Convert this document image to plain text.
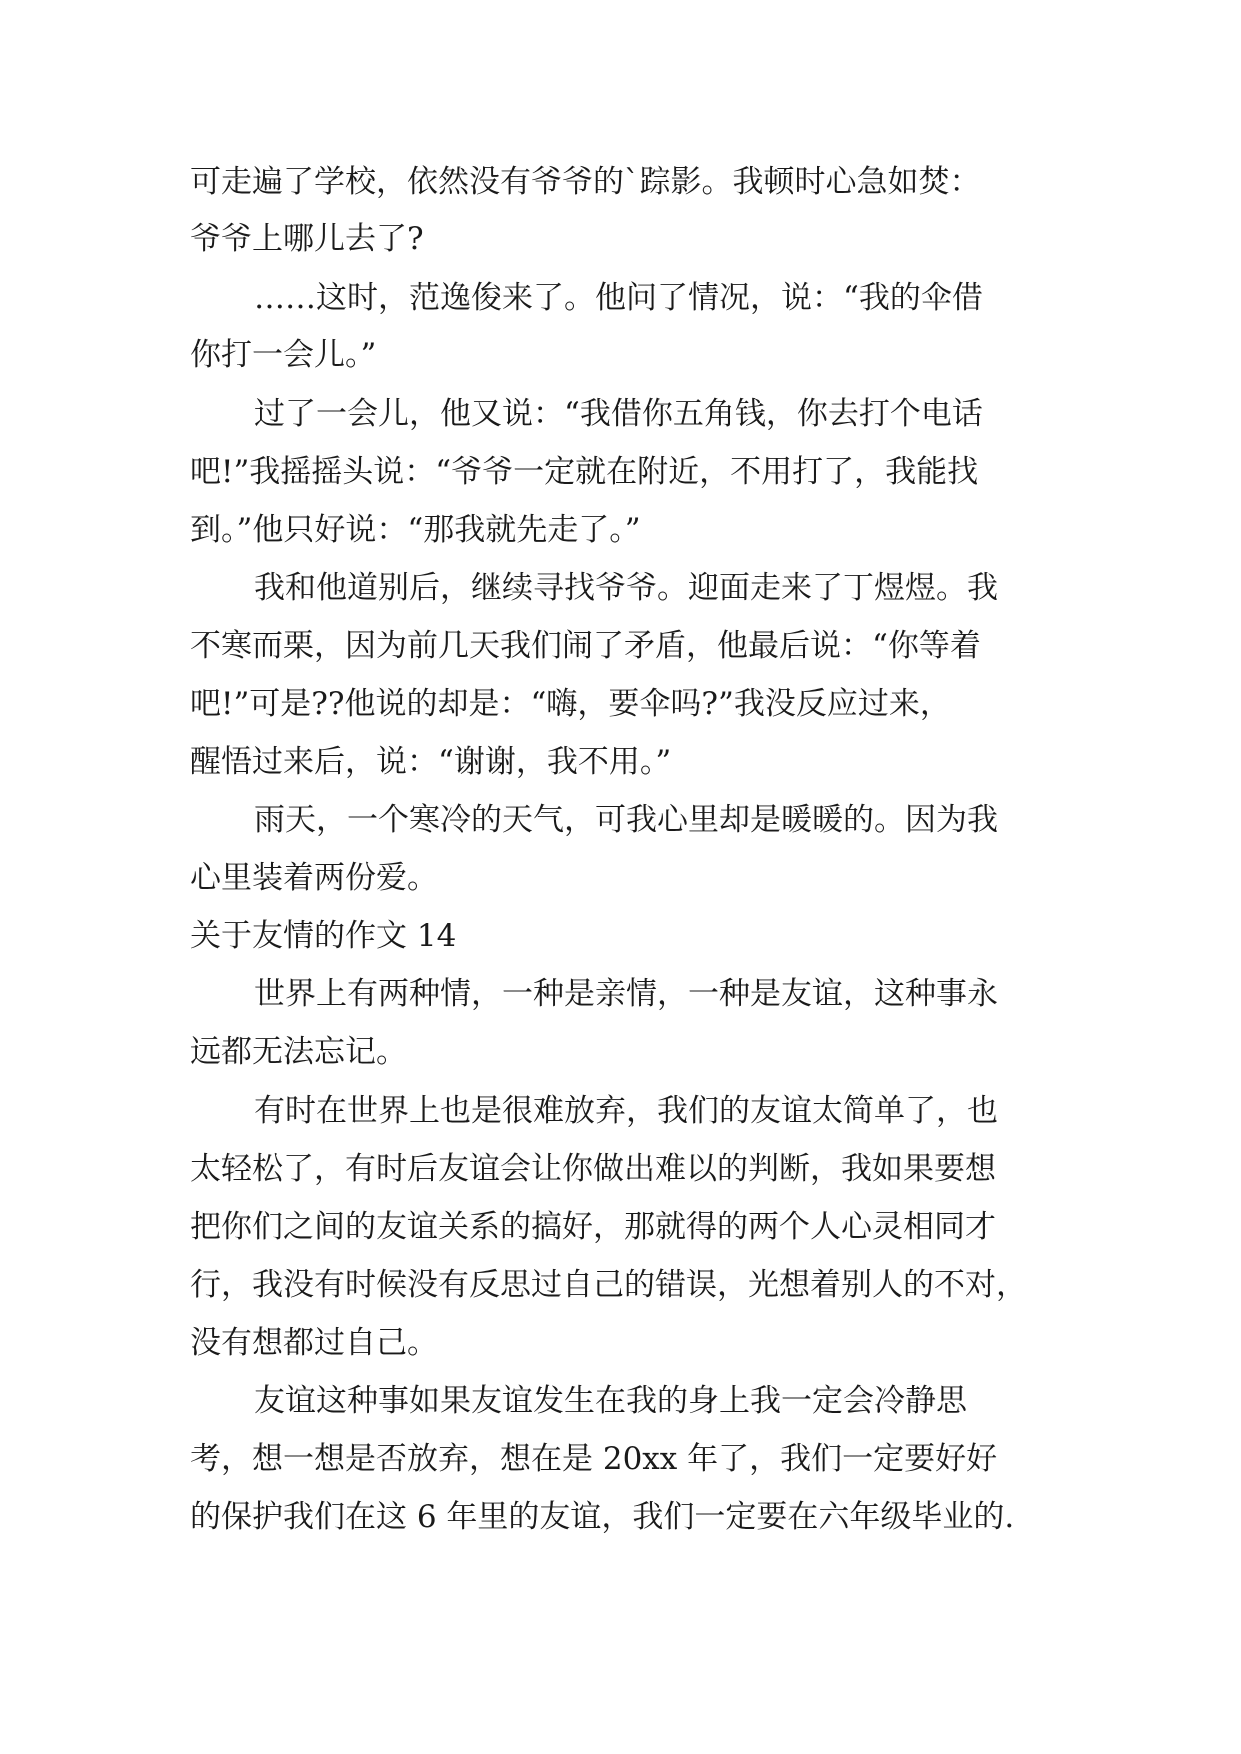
可走遍了学校，依然没有爷爷的`踪影。我顿时心急如焚：
爷爷上哪儿去了?
……这时，范逸俊来了。他问了情况，说：“我的伞借
你打一会儿。”
过了一会儿，他又说：“我借你五角钱，你去打个电话
吧!”我摇摇头说：“爷爷一定就在附近，不用打了，我能找
到。”他只好说：“那我就先走了。”
我和他道别后，继续寻找爷爷。迎面走来了丁煜煜。我
不寒而栗，因为前几天我们闹了矛盾，他最后说：“你等着
吧!”可是??他说的却是：“嗨，要伞吗?”我没反应过来，
醒悟过来后，说：“谢谢，我不用。”
雨天，一个寒冷的天气，可我心里却是暖暖的。因为我
心里装着两份爱。
关于友情的作文 14
世界上有两种情，一种是亲情，一种是友谊，这种事永
远都无法忘记。
有时在世界上也是很难放弃，我们的友谊太简单了，也
太轻松了，有时后友谊会让你做出难以的判断，我如果要想
把你们之间的友谊关系的搞好，那就得的两个人心灵相同才
行，我没有时候没有反思过自己的错误，光想着别人的不对，
没有想都过自己。
友谊这种事如果友谊发生在我的身上我一定会冷静思
考，想一想是否放弃，想在是 20xx 年了，我们一定要好好
的保护我们在这 6 年里的友谊，我们一定要在六年级毕业的.
